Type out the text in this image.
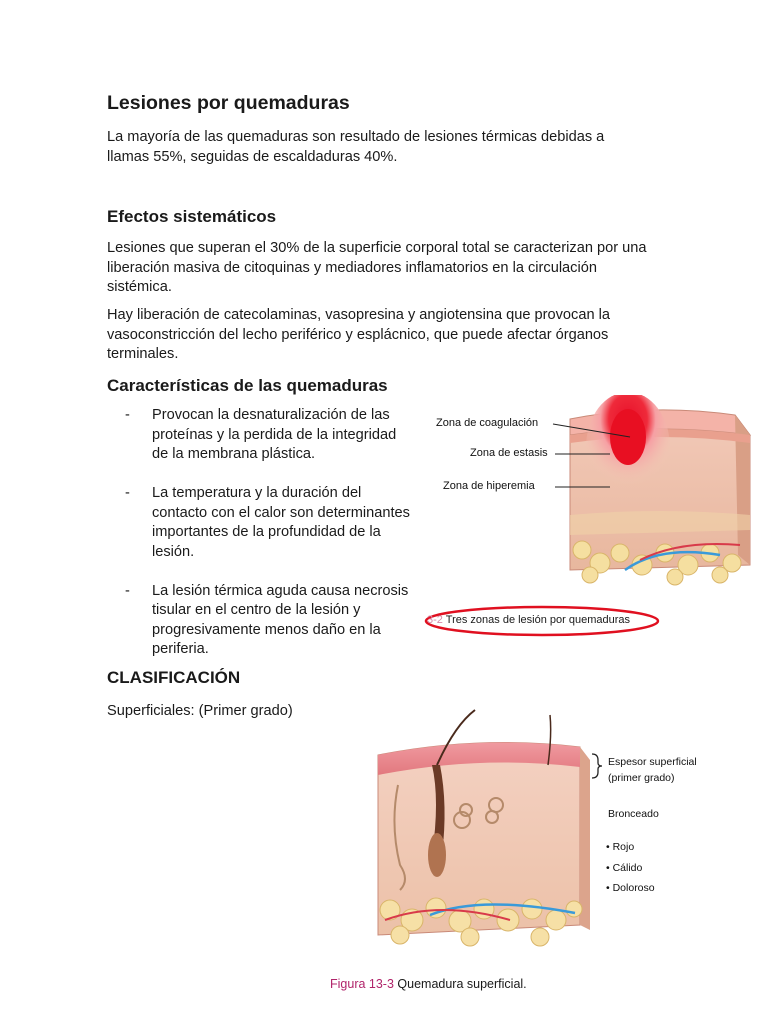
Lesiones por quemaduras

La mayoría de las quemaduras son resultado de lesiones térmicas debidas a llamas 55%, seguidas de escaldaduras 40%.

Efectos sistemáticos

Lesiones que superan el 30% de la superficie corporal total se caracterizan por una liberación masiva de citoquinas y mediadores inflamatorios en la circulación sistémica.

Hay liberación de catecolaminas, vasopresina y angiotensina que provocan la vasoconstricción del lecho periférico y esplácnico, que puede afectar órganos terminales.

Características de las quemaduras
- Provocan la desnaturalización de las proteínas y la perdida de la integridad de la membrana plástica.
- La temperatura y la duración del contacto con el calor son determinantes importantes de la profundidad de la lesión.
- La lesión térmica aguda causa necrosis tisular en el centro de la lesión y progresivamente menos daño en la periferia.
CLASIFICACIÓN

Superficiales: (Primer grado)

Zona de coagulación
Zona de estasis
Zona de hiperemia
3-2 Tres zonas de lesión por quemaduras
Espesor superficial
(primer grado)
Bronceado
• Rojo
• Cálido
• Doloroso
Figura 13-3 Quemadura superficial.
